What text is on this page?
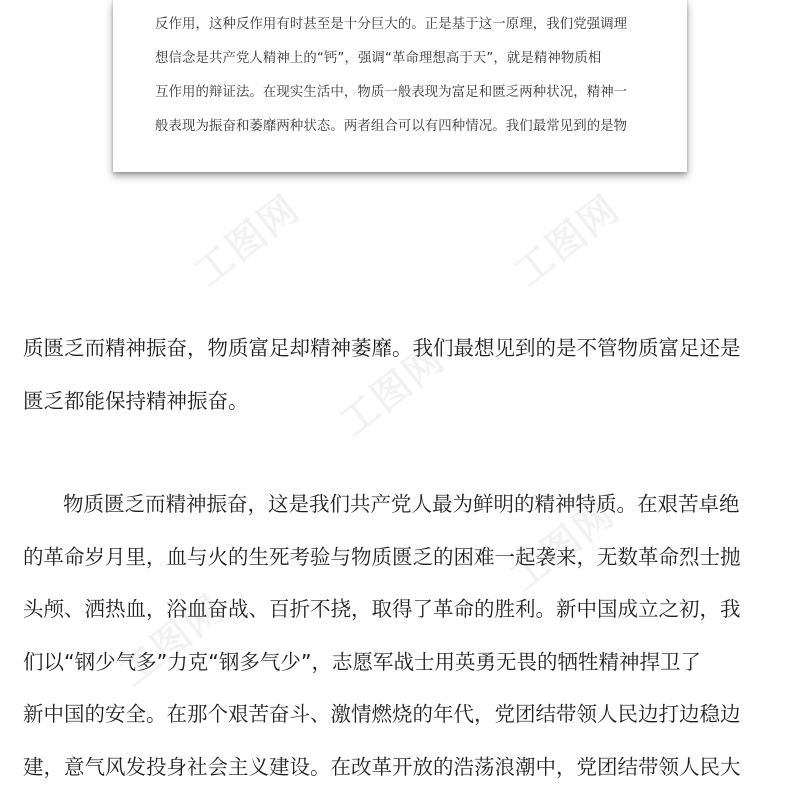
反作用，这种反作用有时甚至是十分巨大的。正是基于这一原理，我们党强调理
想信念是共产党人精神上的“钙”，强调“革命理想高于天”，就是精神物质相
互作用的辩证法。在现实生活中，物质一般表现为富足和匮乏两种状况，精神一
般表现为振奋和萎靡两种状态。两者组合可以有四种情况。我们最常见到的是物
工图网	工图网
工图网
工图网
工图网
质匮乏而精神振奋，物质富足却精神萎靡。我们最想见到的是不管物质富足还是
匮乏都能保持精神振奋。
物质匮乏而精神振奋，这是我们共产党人最为鲜明的精神特质。在艰苦卓绝
的革命岁月里，血与火的生死考验与物质匮乏的困难一起袭来，无数革命烈士抛
头颅、洒热血，浴血奋战、百折不挠，取得了革命的胜利。新中国成立之初，我
们以“钢少气多”力克“钢多气少”，志愿军战士用英勇无畏的牺牲精神捍卫了
新中国的安全。在那个艰苦奋斗、激情燃烧的年代，党团结带领人民边打边稳边
建，意气风发投身社会主义建设。在改革开放的浩荡浪潮中，党团结带领人民大
